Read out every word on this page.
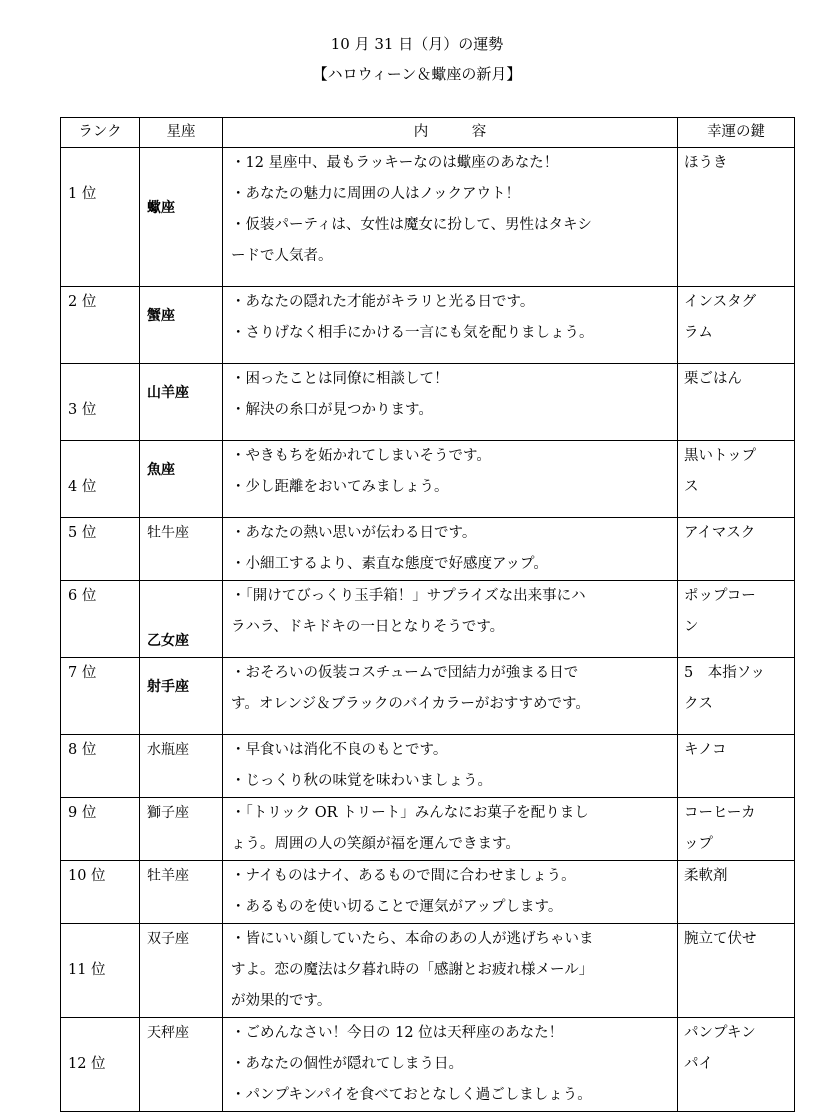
10 月 31 日（月）の運勢
【ハロウィーン＆蠍座の新月】
ランク	星座	内　　　容	幸運の鍵

1 位	蠍座	・12 星座中、最もラッキーなのは蠍座のあなた！
・あなたの魅力に周囲の人はノックアウト！
・仮装パーティは、女性は魔女に扮して、男性はタキシ
ードで人気者。	ほうき

2 位	蟹座	・あなたの隠れた才能がキラリと光る日です。
・さりげなく相手にかける一言にも気を配りましょう。	インスタグ
ラム

3 位	山羊座	・困ったことは同僚に相談して！
・解決の糸口が見つかります。	栗ごはん

4 位	魚座	・やきもちを妬かれてしまいそうです。
・少し距離をおいてみましょう。	黒いトップ
ス

5 位	牡牛座	・あなたの熱い思いが伝わる日です。
・小細工するより、素直な態度で好感度アップ。	アイマスク

6 位	乙女座	・「開けてびっくり玉手箱！」サプライズな出来事にハ
ラハラ、ドキドキの一日となりそうです。	ポップコー
ン

7 位	射手座	・おそろいの仮装コスチュームで団結力が強まる日で
す。オレンジ＆ブラックのバイカラーがおすすめです。	5　本指ソッ
クス

8 位	水瓶座	・早食いは消化不良のもとです。
・じっくり秋の味覚を味わいましょう。	キノコ

9 位	獅子座	・「トリック OR トリート」みんなにお菓子を配りまし
ょう。周囲の人の笑顔が福を運んできます。	コーヒーカ
ップ

10 位	牡羊座	・ナイものはナイ、あるもので間に合わせましょう。
・あるものを使い切ることで運気がアップします。	柔軟剤

11 位	双子座	・皆にいい顔していたら、本命のあの人が逃げちゃいま
すよ。恋の魔法は夕暮れ時の「感謝とお疲れ様メール」
が効果的です。	腕立て伏せ

12 位	天秤座	・ごめんなさい！今日の 12 位は天秤座のあなた！
・あなたの個性が隠れてしまう日。
・パンプキンパイを食べておとなしく過ごしましょう。	パンプキン
パイ
